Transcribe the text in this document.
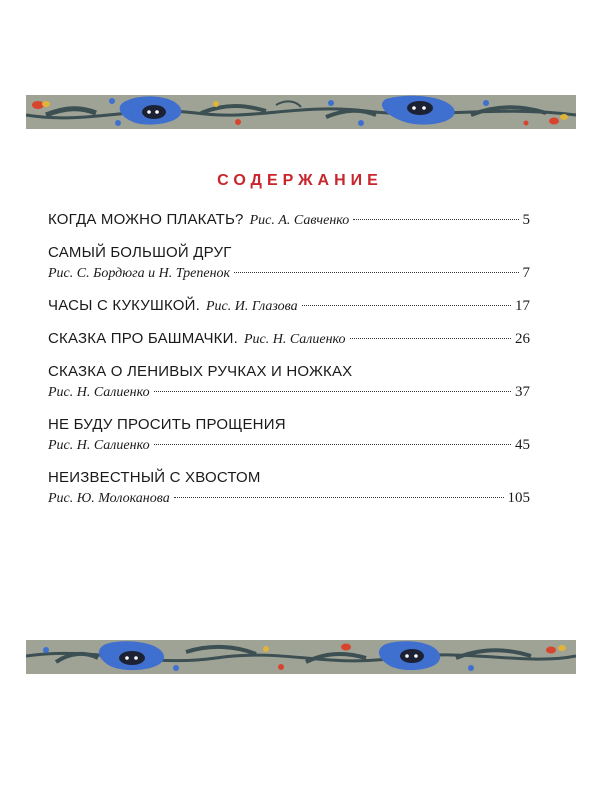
СОДЕРЖАНИЕ
КОГДА МОЖНО ПЛАКАТЬ? Рис. А. Савченко	5
САМЫЙ БОЛЬШОЙ ДРУГ
Рис. С. Бордюга и Н. Трепенок	7
ЧАСЫ С КУКУШКОЙ. Рис. И. Глазова	17
СКАЗКА ПРО БАШМАЧКИ. Рис. Н. Салиенко	26
СКАЗКА О ЛЕНИВЫХ РУЧКАХ И НОЖКАХ
Рис. Н. Салиенко	37
НЕ БУДУ ПРОСИТЬ ПРОЩЕНИЯ
Рис. Н. Салиенко	45
НЕИЗВЕСТНЫЙ С ХВОСТОМ
Рис. Ю. Молоканова	105
